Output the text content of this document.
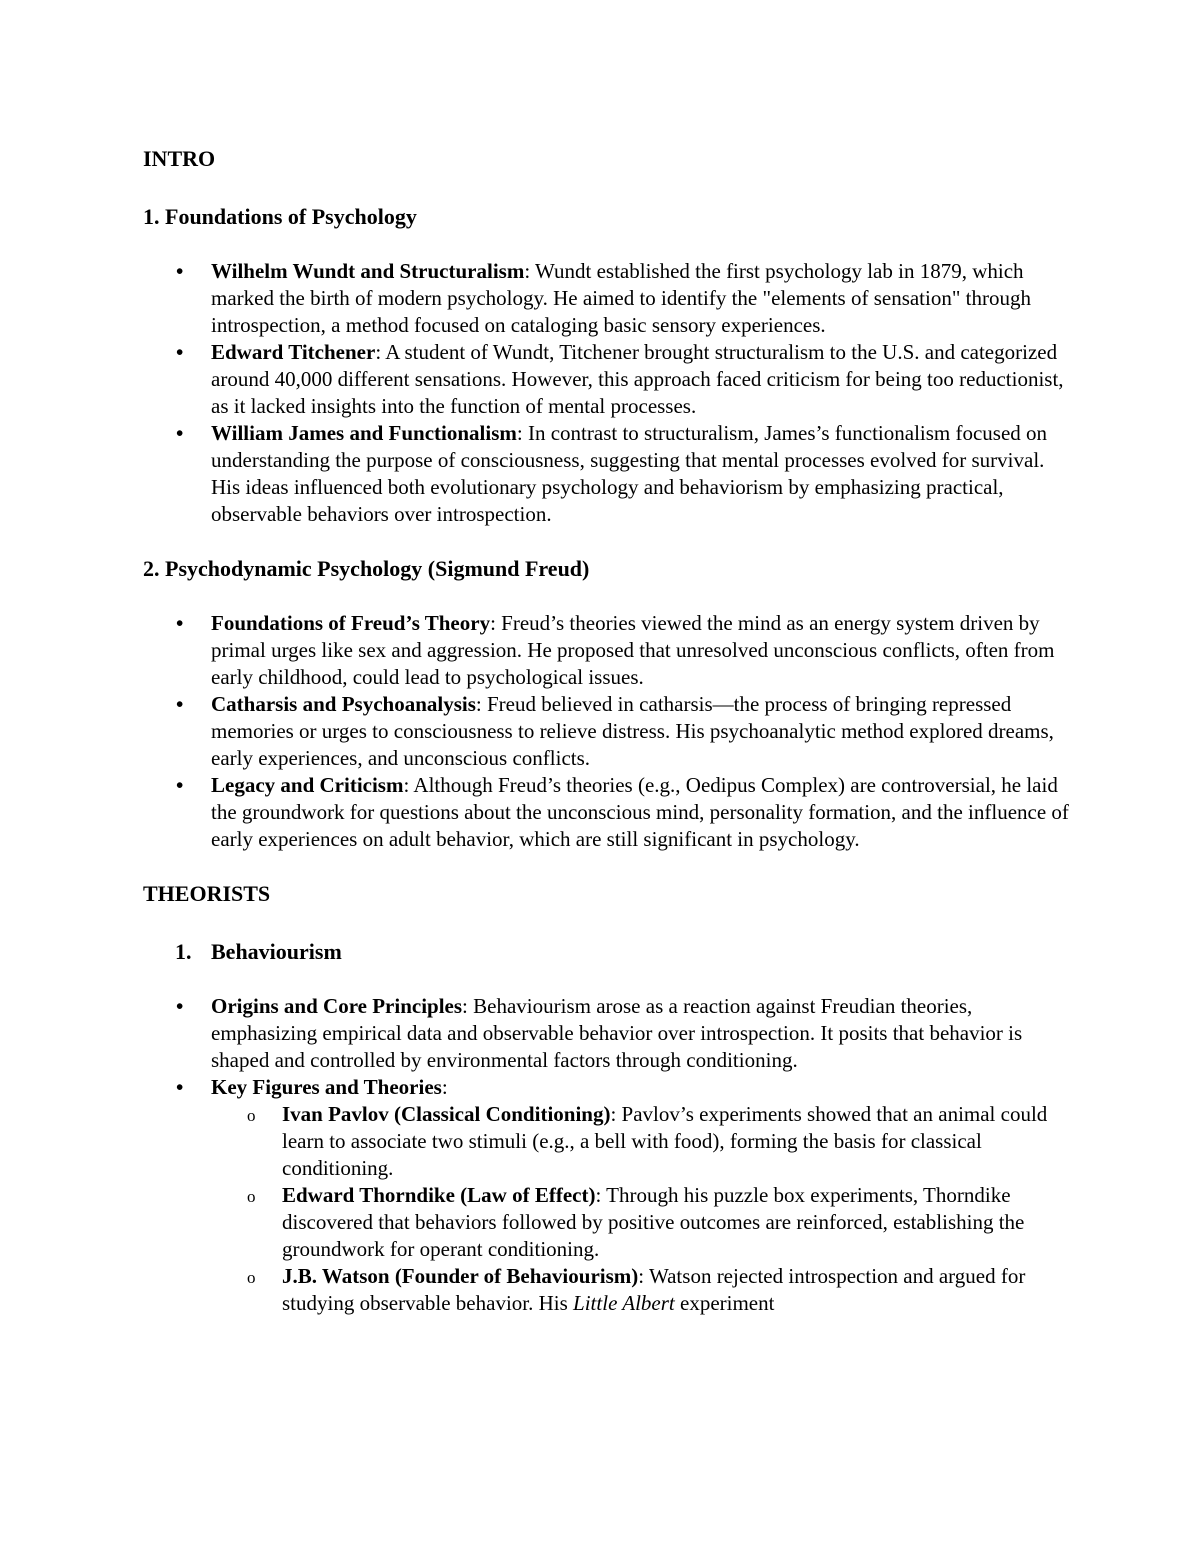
INTRO
1. Foundations of Psychology
• Wilhelm Wundt and Structuralism: Wundt established the first psychology lab in 1879, which marked the birth of modern psychology. He aimed to identify the "elements of sensation" through introspection, a method focused on cataloging basic sensory experiences.
• Edward Titchener: A student of Wundt, Titchener brought structuralism to the U.S. and categorized around 40,000 different sensations. However, this approach faced criticism for being too reductionist, as it lacked insights into the function of mental processes.
• William James and Functionalism: In contrast to structuralism, James’s functionalism focused on understanding the purpose of consciousness, suggesting that mental processes evolved for survival. His ideas influenced both evolutionary psychology and behaviorism by emphasizing practical, observable behaviors over introspection.
2. Psychodynamic Psychology (Sigmund Freud)
• Foundations of Freud’s Theory: Freud’s theories viewed the mind as an energy system driven by primal urges like sex and aggression. He proposed that unresolved unconscious conflicts, often from early childhood, could lead to psychological issues.
• Catharsis and Psychoanalysis: Freud believed in catharsis—the process of bringing repressed memories or urges to consciousness to relieve distress. His psychoanalytic method explored dreams, early experiences, and unconscious conflicts.
• Legacy and Criticism: Although Freud’s theories (e.g., Oedipus Complex) are controversial, he laid the groundwork for questions about the unconscious mind, personality formation, and the influence of early experiences on adult behavior, which are still significant in psychology.
THEORISTS
1. Behaviourism
• Origins and Core Principles: Behaviourism arose as a reaction against Freudian theories, emphasizing empirical data and observable behavior over introspection. It posits that behavior is shaped and controlled by environmental factors through conditioning.
• Key Figures and Theories:
o Ivan Pavlov (Classical Conditioning): Pavlov’s experiments showed that an animal could learn to associate two stimuli (e.g., a bell with food), forming the basis for classical conditioning.
o Edward Thorndike (Law of Effect): Through his puzzle box experiments, Thorndike discovered that behaviors followed by positive outcomes are reinforced, establishing the groundwork for operant conditioning.
o J.B. Watson (Founder of Behaviourism): Watson rejected introspection and argued for studying observable behavior. His Little Albert experiment
